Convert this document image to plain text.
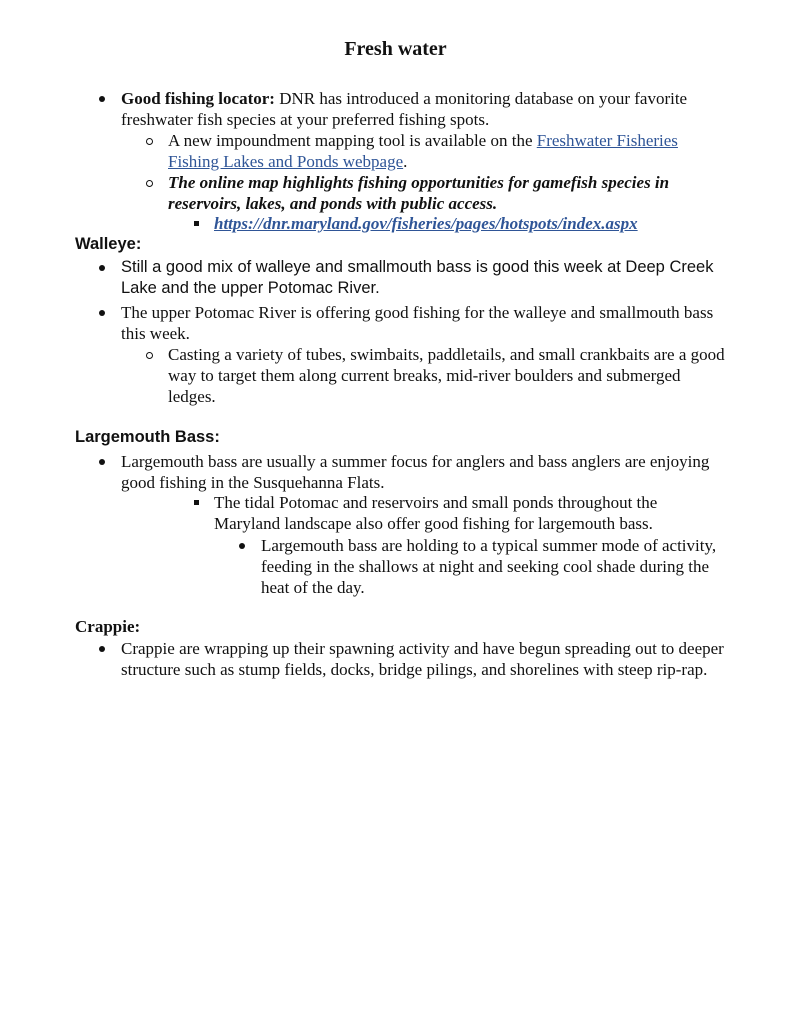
Fresh water
Good fishing locator: DNR has introduced a monitoring database on your favorite freshwater fish species at your preferred fishing spots.
A new impoundment mapping tool is available on the Freshwater Fisheries Fishing Lakes and Ponds webpage.
The online map highlights fishing opportunities for gamefish species in reservoirs, lakes, and ponds with public access.
https://dnr.maryland.gov/fisheries/pages/hotspots/index.aspx
Walleye:
Still a good mix of walleye and smallmouth bass is good this week at Deep Creek Lake and the upper Potomac River.
The upper Potomac River is offering good fishing for the walleye and smallmouth bass this week.
Casting a variety of tubes, swimbaits, paddletails, and small crankbaits are a good way to target them along current breaks, mid-river boulders and submerged ledges.
Largemouth Bass:
Largemouth bass are usually a summer focus for anglers and bass anglers are enjoying good fishing in the Susquehanna Flats.
The tidal Potomac and reservoirs and small ponds throughout the Maryland landscape also offer good fishing for largemouth bass.
Largemouth bass are holding to a typical summer mode of activity, feeding in the shallows at night and seeking cool shade during the heat of the day.
Crappie:
Crappie are wrapping up their spawning activity and have begun spreading out to deeper structure such as stump fields, docks, bridge pilings, and shorelines with steep rip-rap.
